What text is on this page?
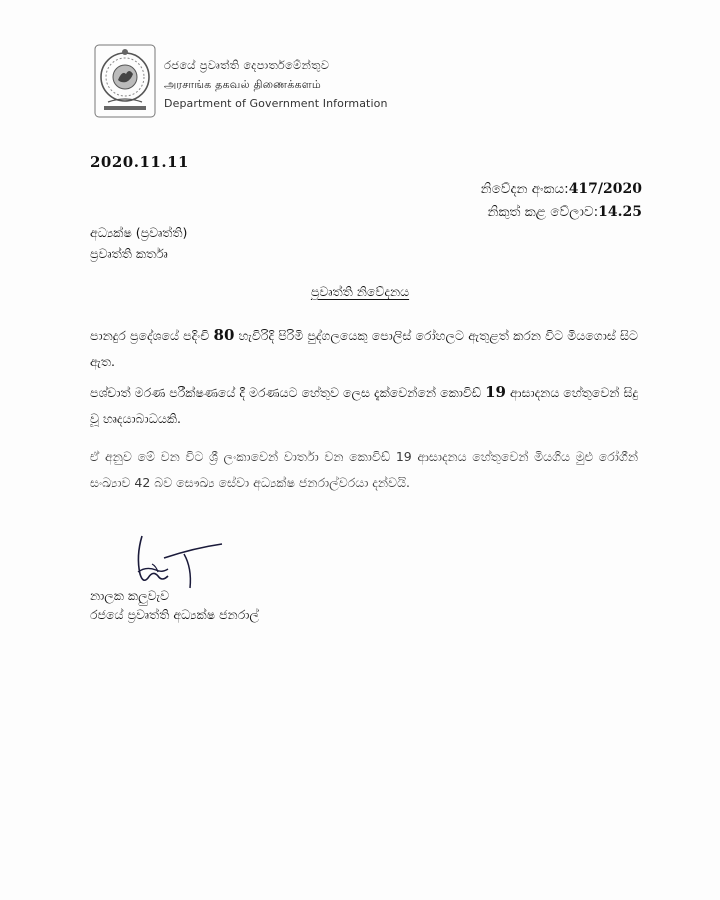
රජයේ ප්‍රවෘත්ති දෙපාර්තමේන්තුව
அரசாங்க தகவல் திணைக்களம்
Department of Government Information
2020.11.11
නිවේදන අංකය:417/2020
නිකුත් කළ වේලාව:14.25
අධ්‍යක්ෂ (ප්‍රවෘත්ති)
ප්‍රවෘත්ති කර්තෘ
ප්‍රවෘත්ති නිවේදනය
පානදුර ප්‍රදේශයේ පදිංචි 80 හැවිරිදි පිරිමි පුද්ගලයෙකු පොලිස් රෝහලට ඇතුළත් කරන විට මියගොස් සිට ඇත.
පශ්චාත් මරණ පරීක්ෂණයේ දී මරණයට හේතුව ලෙස දැක්වෙන්නේ කොවිඩ් 19 ආසාදනය හේතුවෙන් සිදු වූ හෘදයාබාධයකි.
ඒ අනුව මේ වන විට ශ්‍රී ලංකාවෙන් වාර්තා වන කොවිඩ් 19 ආසාදනය හේතුවෙන් මියගිය මුළු රෝගීන් සංඛ්‍යාව 42 බව සෞඛ්‍ය සේවා අධ්‍යක්ෂ ජනරාල්වරයා දන්වයි.
නාලක කලුවැව
රජයේ ප්‍රවෘත්ති අධ්‍යක්ෂ ජනරාල්
